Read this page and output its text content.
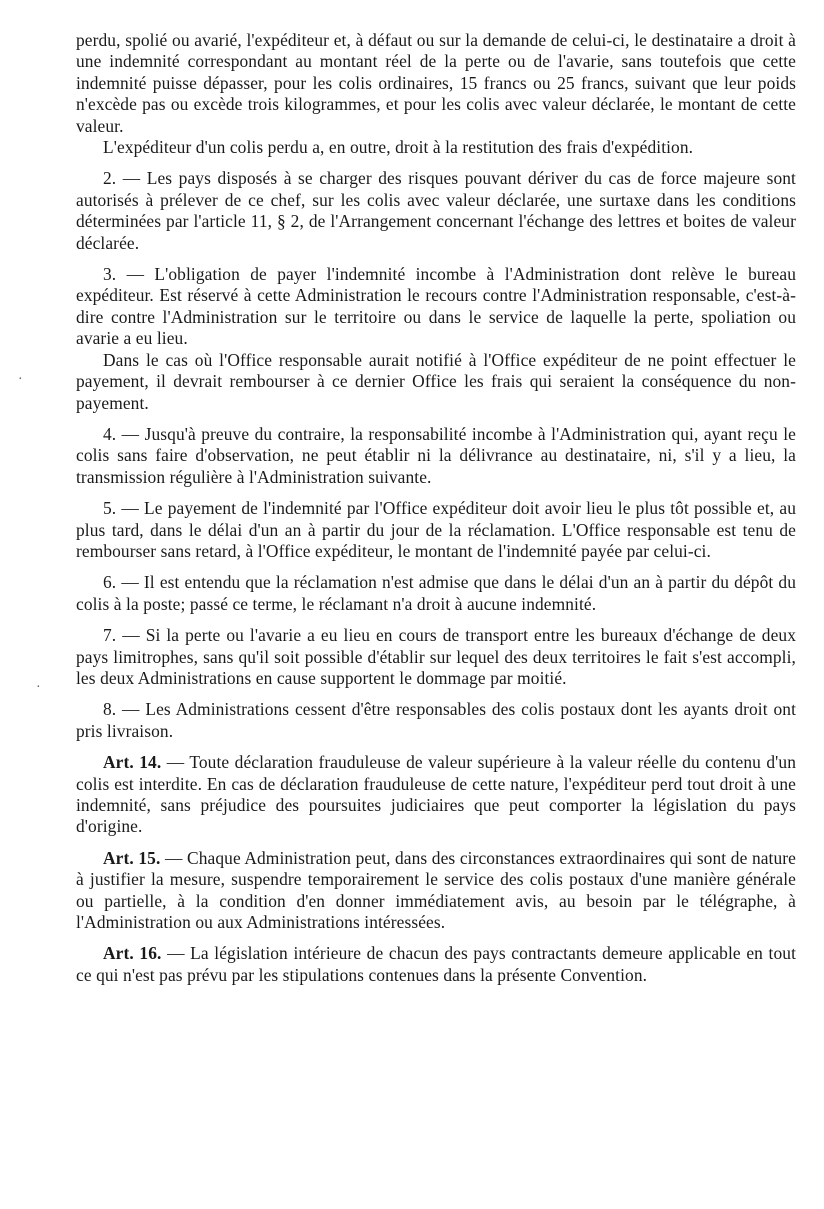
perdu, spolié ou avarié, l'expéditeur et, à défaut ou sur la demande de celui-ci, le destinataire a droit à une indemnité correspondant au montant réel de la perte ou de l'avarie, sans toutefois que cette indemnité puisse dépasser, pour les colis ordinaires, 15 francs ou 25 francs, suivant que leur poids n'excède pas ou excède trois kilogrammes, et pour les colis avec valeur déclarée, le montant de cette valeur.

L'expéditeur d'un colis perdu a, en outre, droit à la restitution des frais d'expédition.

2. — Les pays disposés à se charger des risques pouvant dériver du cas de force majeure sont autorisés à prélever de ce chef, sur les colis avec valeur déclarée, une surtaxe dans les conditions déterminées par l'article 11, § 2, de l'Arrangement concernant l'échange des lettres et boites de valeur déclarée.

3. — L'obligation de payer l'indemnité incombe à l'Administration dont relève le bureau expéditeur. Est réservé à cette Administration le recours contre l'Administration responsable, c'est-à-dire contre l'Administration sur le territoire ou dans le service de laquelle la perte, spoliation ou avarie a eu lieu.

Dans le cas où l'Office responsable aurait notifié à l'Office expéditeur de ne point effectuer le payement, il devrait rembourser à ce dernier Office les frais qui seraient la conséquence du non-payement.

4. — Jusqu'à preuve du contraire, la responsabilité incombe à l'Administration qui, ayant reçu le colis sans faire d'observation, ne peut établir ni la délivrance au destinataire, ni, s'il y a lieu, la transmission régulière à l'Administration suivante.

5. — Le payement de l'indemnité par l'Office expéditeur doit avoir lieu le plus tôt possible et, au plus tard, dans le délai d'un an à partir du jour de la réclamation. L'Office responsable est tenu de rembourser sans retard, à l'Office expéditeur, le montant de l'indemnité payée par celui-ci.

6. — Il est entendu que la réclamation n'est admise que dans le délai d'un an à partir du dépôt du colis à la poste; passé ce terme, le réclamant n'a droit à aucune indemnité.

7. — Si la perte ou l'avarie a eu lieu en cours de transport entre les bureaux d'échange de deux pays limitrophes, sans qu'il soit possible d'établir sur lequel des deux territoires le fait s'est accompli, les deux Administrations en cause supportent le dommage par moitié.

8. — Les Administrations cessent d'être responsables des colis postaux dont les ayants droit ont pris livraison.

Art. 14. — Toute déclaration frauduleuse de valeur supérieure à la valeur réelle du contenu d'un colis est interdite. En cas de déclaration frauduleuse de cette nature, l'expéditeur perd tout droit à une indemnité, sans préjudice des poursuites judiciaires que peut comporter la législation du pays d'origine.

Art. 15. — Chaque Administration peut, dans des circonstances extraordinaires qui sont de nature à justifier la mesure, suspendre temporairement le service des colis postaux d'une manière générale ou partielle, à la condition d'en donner immédiatement avis, au besoin par le télégraphe, à l'Administration ou aux Administrations intéressées.

Art. 16. — La législation intérieure de chacun des pays contractants demeure applicable en tout ce qui n'est pas prévu par les stipulations contenues dans la présente Convention.

·
·
